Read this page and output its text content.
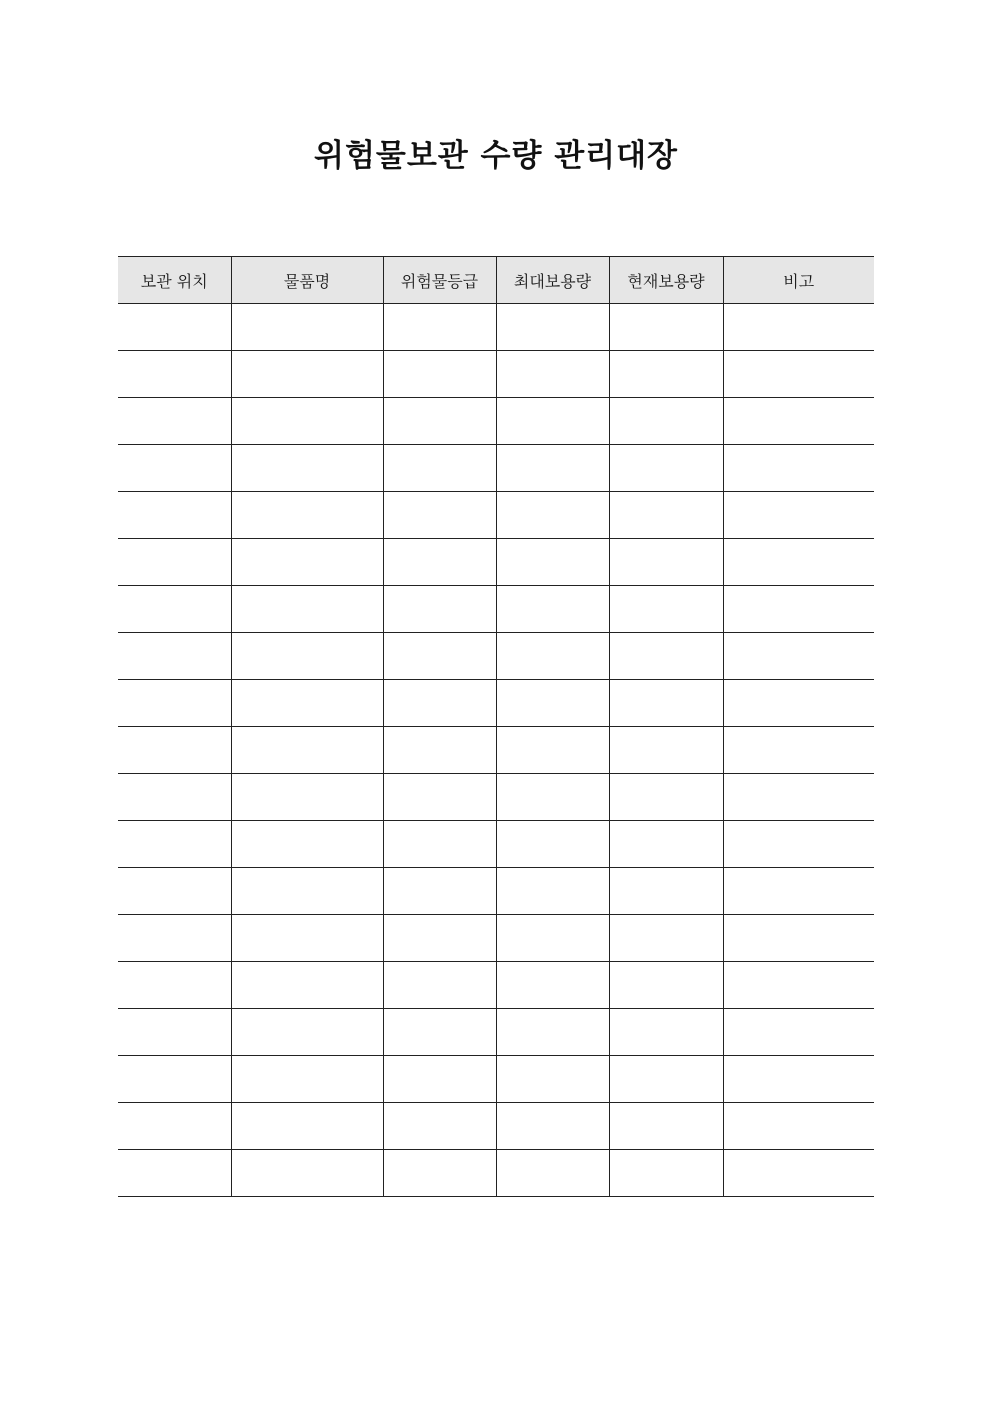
위험물보관 수량 관리대장
보관 위치	물품명	위험물등급	최대보용량	현재보용량	비고
